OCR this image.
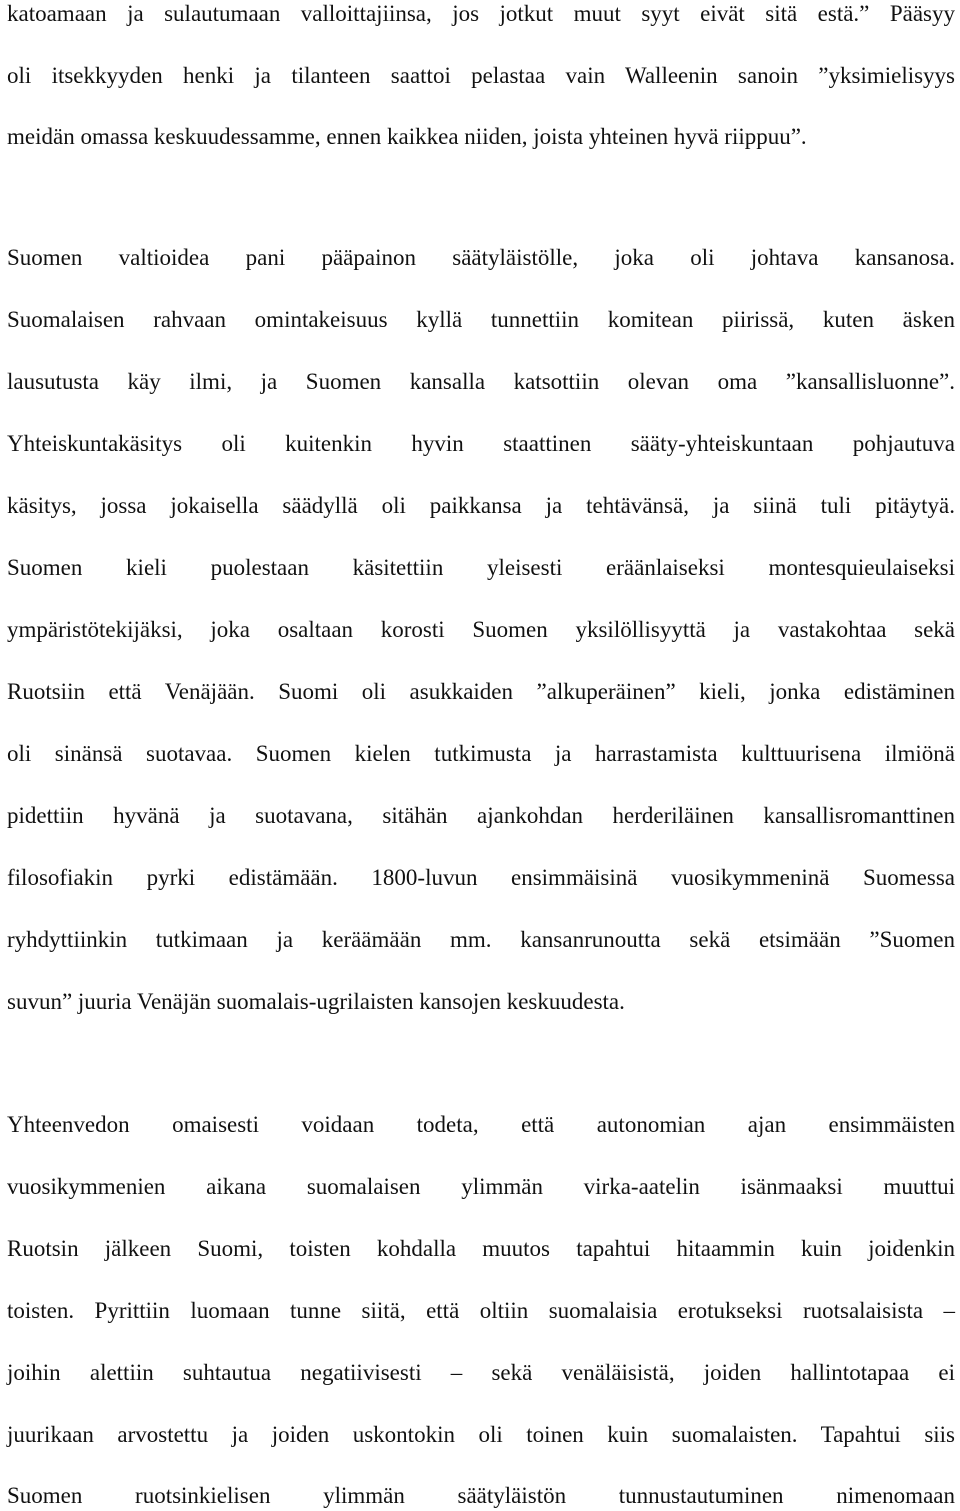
katoamaan ja sulautumaan valloittajiinsa, jos jotkut muut syyt eivät sitä estä.” Pääsyy
oli itsekkyyden henki ja tilanteen saattoi pelastaa vain Walleenin sanoin ”yksimielisyys
meidän omassa keskuudessamme, ennen kaikkea niiden, joista yhteinen hyvä riippuu”.
Suomen valtioidea pani pääpainon säätyläistölle, joka oli johtava kansanosa.
Suomalaisen rahvaan omintakeisuus kyllä tunnettiin komitean piirissä, kuten äsken
lausutusta käy ilmi, ja Suomen kansalla katsottiin olevan oma ”kansallisluonne”.
Yhteiskuntakäsitys oli kuitenkin hyvin staattinen sääty-yhteiskuntaan pohjautuva
käsitys, jossa jokaisella säädyllä oli paikkansa ja tehtävänsä, ja siinä tuli pitäytyä.
Suomen kieli puolestaan käsitettiin yleisesti eräänlaiseksi montesquieulaiseksi
ympäristötekijäksi, joka osaltaan korosti Suomen yksilöllisyyttä ja vastakohtaa sekä
Ruotsiin että Venäjään. Suomi oli asukkaiden ”alkuperäinen” kieli, jonka edistäminen
oli sinänsä suotavaa. Suomen kielen tutkimusta ja harrastamista kulttuurisena ilmiönä
pidettiin hyvänä ja suotavana, sitähän ajankohdan herderiläinen kansallisromanttinen
filosofiakin pyrki edistämään. 1800-luvun ensimmäisinä vuosikymmeninä Suomessa
ryhdyttiinkin tutkimaan ja keräämään mm. kansanrunoutta sekä etsimään ”Suomen
suvun” juuria Venäjän suomalais-ugrilaisten kansojen keskuudesta.
Yhteenvedon omaisesti voidaan todeta, että autonomian ajan ensimmäisten
vuosikymmenien aikana suomalaisen ylimmän virka-aatelin isänmaaksi muuttui
Ruotsin jälkeen Suomi, toisten kohdalla muutos tapahtui hitaammin kuin joidenkin
toisten. Pyrittiin luomaan tunne siitä, että oltiin suomalaisia erotukseksi ruotsalaisista –
joihin alettiin suhtautua negatiivisesti – sekä venäläisistä, joiden hallintotapaa ei
juurikaan arvostettu ja joiden uskontokin oli toinen kuin suomalaisten. Tapahtui siis
Suomen ruotsinkielisen ylimmän säätyläistön tunnustautuminen nimenomaan
